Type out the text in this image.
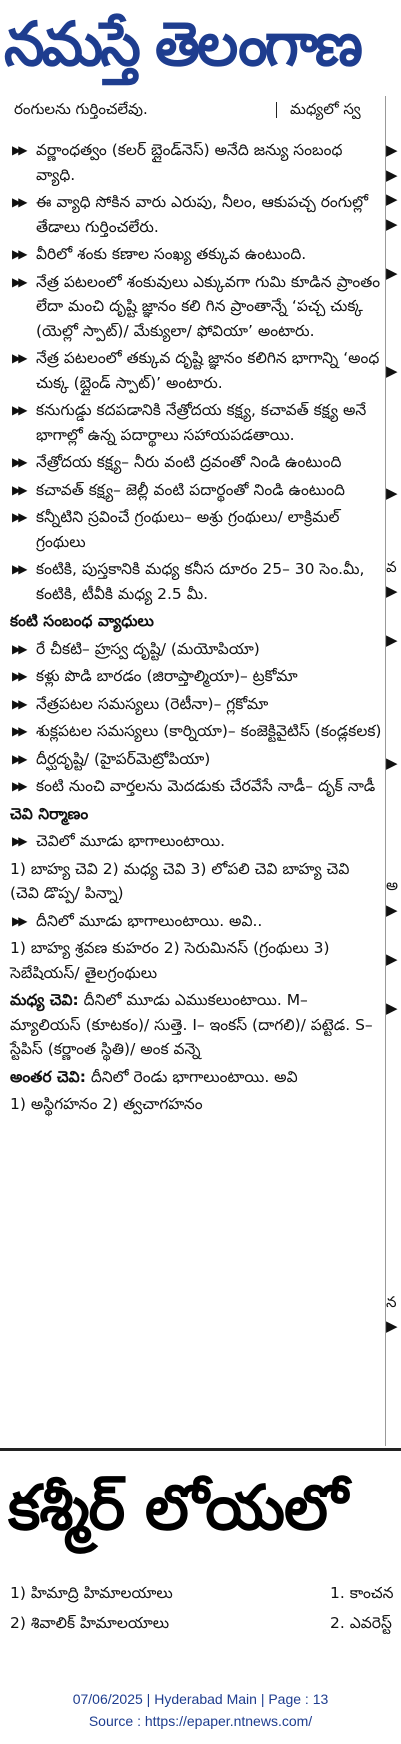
నమస్తే తెలంగాణ
రంగులను గుర్తించలేవు.	మధ్యలో స్వ
▶▶ వర్ణాంధత్వం (కలర్ బ్లైండ్‌నెస్) అనేది జన్యు సంబంధ వ్యాధి.
▶▶ ఈ వ్యాధి సోకిన వారు ఎరుపు, నీలం, ఆకుపచ్చ రంగుల్లో తేడాలు గుర్తించలేరు.
▶▶ వీరిలో శంకు కణాల సంఖ్య తక్కువ ఉంటుంది.
▶▶ నేత్ర పటలంలో శంకువులు ఎక్కువగా గుమి కూడిన ప్రాంతం లేదా మంచి దృష్టి జ్ఞానం కలి గిన ప్రాంతాన్నే ‘పచ్చ చుక్క (యెల్లో స్పాట్)/ మేక్యులా/ ఫోవియా’ అంటారు.
▶▶ నేత్ర పటలంలో తక్కువ దృష్టి జ్ఞానం కలిగిన భాగాన్ని ‘అంధ చుక్క (బ్లైండ్ స్పాట్)’ అంటారు.
▶▶ కనుగుడ్డు కదపడానికి నేత్రోదయ కక్ష్య, కచావత్ కక్ష్య అనే భాగాల్లో ఉన్న పదార్థాలు సహాయపడతాయి.
▶▶ నేత్రోదయ కక్ష్య– నీరు వంటి ద్రవంతో నిండి ఉంటుంది
▶▶ కచావత్ కక్ష్య– జెల్లీ వంటి పదార్థంతో నిండి ఉంటుంది
▶▶ కన్నీటిని స్రవించే గ్రంథులు– అశ్రు గ్రంథులు/ లాక్రిమల్ గ్రంథులు
▶▶ కంటికి, పుస్తకానికి మధ్య కనీస దూరం 25– 30 సెం.మీ, కంటికి, టీవీకి మధ్య 2.5 మీ.
కంటి సంబంధ వ్యాధులు
▶▶ రే చీకటి– హ్రస్వ దృష్టి/ (మయోపియా)
▶▶ కళ్లు పొడి బారడం (జిరాప్తాల్మియా)– ట్రకోమా
▶▶ నేత్రపటల సమస్యలు (రెటీనా)– గ్లకోమా
▶▶ శుక్లపటల సమస్యలు (కార్నియా)– కంజెక్టివైటిస్ (కండ్లకలక)
▶▶ దీర్ఘదృష్టి/ (హైపర్‌మెట్రోపియా)
▶▶ కంటి నుంచి వార్తలను మెదడుకు చేరవేసే నాడీ– దృక్ నాడీ
చెవి నిర్మాణం
▶▶ చెవిలో మూడు భాగాలుంటాయి.
1) బాహ్య చెవి 2) మధ్య చెవి 3) లోపలి చెవి బాహ్య చెవి (చెవి డొప్ప/ పిన్నా)
▶▶ దీనిలో మూడు భాగాలుంటాయి. అవి..
1) బాహ్య శ్రవణ కుహరం 2) సెరుమినస్ (గ్రంథులు 3) సెబేషియస్/ తైలగ్రంథులు
మధ్య చెవి: దీనిలో మూడు ఎముకలుంటాయి. M– మ్యాలియస్ (కూటకం)/ సుత్తె. I– ఇంకస్ (దాగలి)/ పట్టెడ. S– స్టేపిస్ (కర్ణాంత స్థితి)/ అంక వన్నె
అంతర చెవి: దీనిలో రెండు భాగాలుంటాయి. అవి
1) అస్థిగహనం 2) త్వచాగహనం
▶
▶
▶
▶
▶
▶
▶
వ
▶
▶
▶
అ
▶
▶
▶
న
▶
కశ్మీర్ లోయలో
1) హిమాద్రి హిమాలయాలు	1. కాంచన
2) శివాలిక్ హిమాలయాలు	2. ఎవరెస్ట్
07/06/2025 | Hyderabad Main | Page : 13
Source : https://epaper.ntnews.com/
